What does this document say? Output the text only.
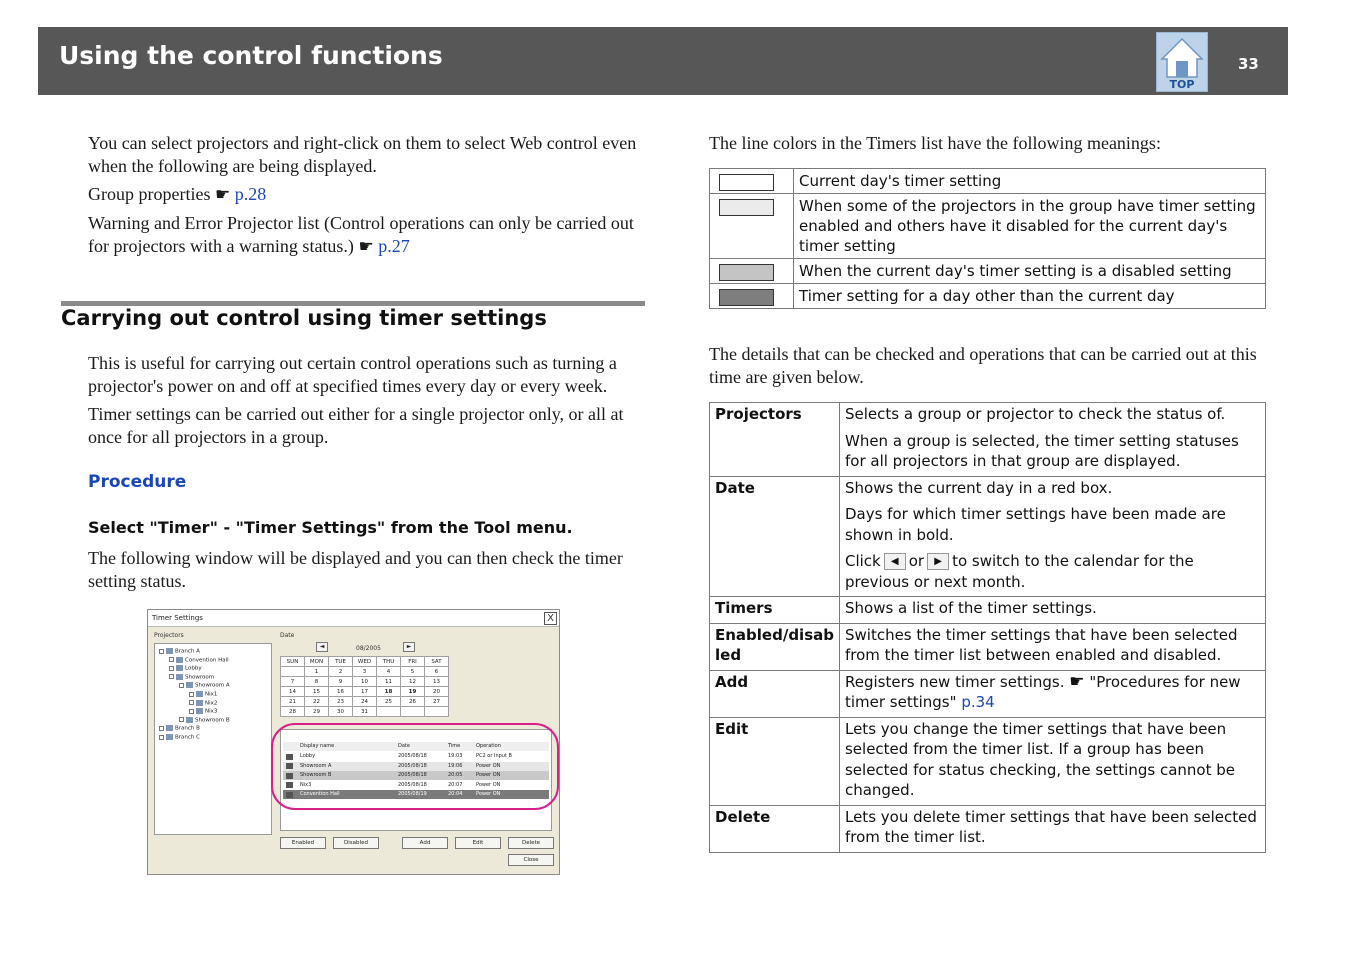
Using the control functions
TOP
33
You can select projectors and right-click on them to select Web control even when the following are being displayed.
Group properties ☛ p.28
Warning and Error Projector list (Control operations can only be carried out for projectors with a warning status.) ☛ p.27
Carrying out control using timer settings
This is useful for carrying out certain control operations such as turning a projector's power on and off at specified times every day or every week.
Timer settings can be carried out either for a single projector only, or all at once for all projectors in a group.
Procedure
Select "Timer" - "Timer Settings" from the Tool menu.
The following window will be displayed and you can then check the timer setting status.
Timer Settings	X
Projectors
Branch A
Convention Hall
Lobby
Showroom
Showroom A
Nix1
Nix2
Nix3
Showroom B
Branch B
Branch C
Date
◄	08/2005	►
SUN	MON	TUE	WED	THU	FRI	SAT
	1	2	3	4	5	6
7	8	9	10	11	12	13
14	15	16	17	18	19	20
21	22	23	24	25	26	27
28	29	30	31			
Display name	Date	Time	Operation
Lobby	2005/08/18	19:03	PC2 or Input B
Showroom A	2005/08/18	19:06	Power ON
Showroom B	2005/08/18	20:05	Power ON
Nix3	2005/08/18	20:07	Power ON
Convention Hall	2005/08/19	20:04	Power ON
Enabled	Disabled	Add	Edit	Delete
Close
The line colors in the Timers list have the following meanings:
	Current day's timer setting

	When some of the projectors in the group have timer setting enabled and others have it disabled for the current day's timer setting

	When the current day's timer setting is a disabled setting

	Timer setting for a day other than the current day
The details that can be checked and operations that can be carried out at this time are given below.
Projectors	Selects a group or projector to check the status of.

When a group is selected, the timer setting statuses for all projectors in that group are displayed.

Date	Shows the current day in a red box.

Days for which timer settings have been made are shown in bold.

Click ◀ or ▶ to switch to the calendar for the previous or next month.

Timers	Shows a list of the timer settings.
Enabled/disab led	Switches the timer settings that have been selected from the timer list between enabled and disabled.
Add	Registers new timer settings. ☛ "Procedures for new timer settings" p.34
Edit	Lets you change the timer settings that have been selected from the timer list. If a group has been selected for status checking, the settings cannot be changed.
Delete	Lets you delete timer settings that have been selected from the timer list.
